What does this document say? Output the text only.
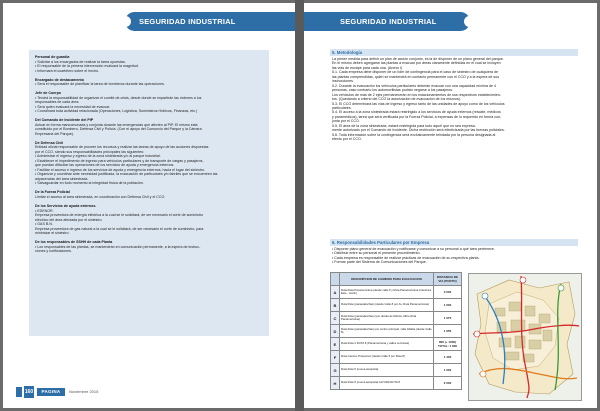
SEGURIDAD INDUSTRIAL
Personal de guardia
• Solicitar a los encargados de realizar la tarea opuestas.
• El responsable de la primera intervención evaluará la magnitud.
• Informará el cuartelero sobre el hecho.
Encargado de destacamento
• Será el responsable de planificar la tarea de bomberos durante las operaciones.
Jefe de Cuerpo
• Tendrá la responsabilidad de organizar el comité de crisis, desde donde se impartirán las órdenes a los
responsables de cada área.
• Será quien evaluará la necesidad de evacuar.
• Coordinará toda actividad relacionada (Operaciones, Logística, Suministros Hídricos, Finanzas, etc.)
Del Comando de Incidente del PIP
Actuar en forma mancomunada y conjunta durante las emergencias que afecten al PIP. El mismo está
constituido por el Bombero, Defensa Civil y Policía. (Con el apoyo del Consorcio del Parque y la Cámara
Empresaria del Parque).
De Defensa Civil
Entidad oficial responsable de proveer los recursos y realizar las tareas de apoyo de las acciones dispuestas
por el CCO, siendo sus responsabilidades principales las siguientes:
• Administrar el ingreso y egreso de la zona siniestrada y/o al parque industrial.
• Establecer el impedimento de ingreso para vehículos particulares y de transporte de cargas y pasajeros,
que puedan dificultar las operaciones de los servicios de ayuda y emergencia externos.
• Facilitar el acceso e ingreso de los servicios de ayuda y emergencia externos, hacia el lugar del siniestro.
• Organizar y coordinar ante necesidad justificada, la evacuación de particulares y/o fabriles que se encuentren las
adyacencias del área siniestrada.
• Salvaguardar en todo momento la integridad física de la población.
De la Fuerza Policial
Limitar el acceso al área siniestrada, en coordinación con Defensa Civil y el CCO.
De los Servicios de ayuda externos.
• EDENOR.
Empresa proveedora de energía eléctrica a la cual se le solicitará, de ser necesario el corte de suministro
eléctrico del área afectada por el siniestro.
• GAS B.N.
Empresa proveedora de gas natural a la cual se le solicitará, de ser necesario el corte de suministro, para
minimizar el siniestro.
De los responsables de SSHH de cada Planta
• Los responsables de las plantas, se mantendrán en comunicación permanente, a la espera de instruc-
ciones y notificaciones.
160	PAGINA	Noviembre 2015
SEGURIDAD INDUSTRIAL
5. Metodología
La primer medida para definir un plan de acción conjunto, es la de disponer de un plano general del parque.
En el mismo deben agregarse las plantas a evacuar por áreas claramente definidas en el cual se incluyen
las vías de escape para cada una. (Anexo I)
5.1. Cada empresa debe disponer de un líder de contingencia para el caso de siniestro de cualquiera de
las plantas comprendidas, quien se mantendrá en contacto permanente con el CCO y a la espera de sus
instrucciones.
5.2. Durante la evacuación los vehículos particulares deberán evacuar con una capacidad mínima de 4
personas, caso contrario los automovilistas podrán negarse a los pasajeros.
Los vehículos de más de 2 ejes permanecerán en los estacionamientos de sus respectivos establecimien-
tos. (Quedando a criterio del CCO la autorización de evacuación de los mismos).
5.3. El CCO determinará las vías de ingreso y egreso tanto de las unidades de apoyo como de los vehículos
particulares.
5.4. El acceso a la zona siniestrada estará restringido a los servicios de ayuda externos (rescate, médicos
y paramédicos), tarea que será verificada por la Fuerza Policial, a expensas de lo requerido en forma con-
junta por el CCO.
5.5. El área de la zona siniestrada, estará restringida para todo aquel que no sea expresa-
mente autorizado por el Comando de Incidente. Dicha restricción será efectivizada por las fuerzas policiales.
5.6. Toda información sobre la contingencia será exclusivamente brindada por la persona designada al
efecto por el CCO.
6. Responsabilidades Particulares por Empresa
• Disponer plano general de evacuación y notificarse y comunicar a su personal a qué área pertenece.
• Distribuir entre su personal el presente procedimiento.
• Cada empresa es responsable de realizar prácticas de evacuación de su respectiva planta.
• Formar parte del Sistema de Comunicaciones del Parque.
	DESCRIPCION DE CAMINOS PARA EVACUACION	DISTANCIA DE VIA (PUNTO)
A	Ruta Ruta Panamericana (desde calle 6 y Ruta Panamericana Colectora Este - Garín)	3 500
B	Ruta Ruta (paravalanchas) (desde Calle 8 por Av. Ruta Panamericana)	1 600
C	Ruta Ruta (paravalanchas) (por detrás de fábrica, Mitre Ruta Panamericana)	1 070
D	Ruta Ruta (paravalanchas) por centro principal, calle Alitalia (desde Calle 8)	1 650
E	Ruta Ruta 4 RUTA 8 (Panamericana y calles cercanas)	800 (+ 1000) TOTAL: 1 800
F	Ruta Camino Protección (desde Calle 5 por Ruta 8)	1 400
G	Ruta Ruta 5 (nueva autopista)	1 000
H	Ruta Ruta 5 (nueva autopista) ALTURA RUTA 8	2 000
